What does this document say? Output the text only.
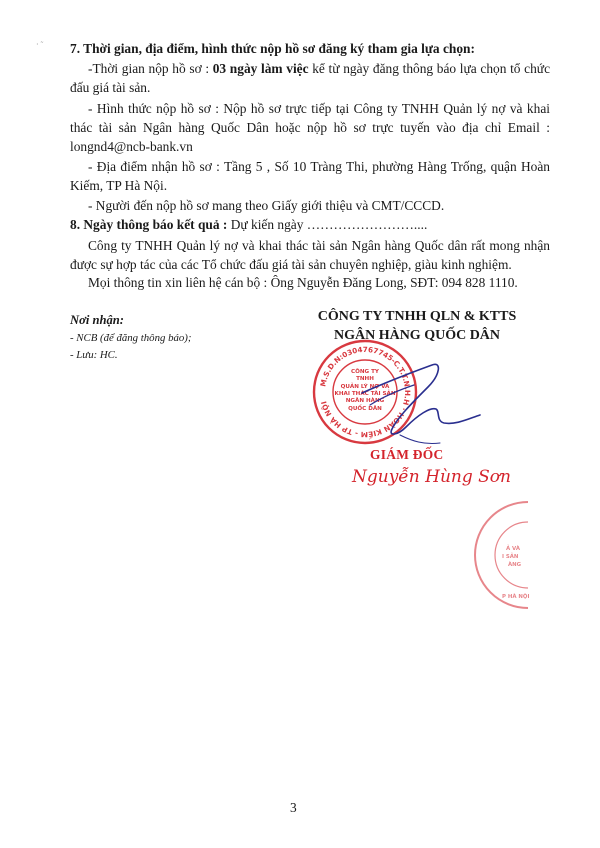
· ˜ 7. Thời gian, địa điểm, hình thức nộp hồ sơ đăng ký tham gia lựa chọn:
-Thời gian nộp hồ sơ : 03 ngày làm việc kể từ ngày đăng thông báo lựa chọn tổ chức đấu giá tài sản.
- Hình thức nộp hồ sơ : Nộp hồ sơ trực tiếp tại Công ty TNHH Quản lý nợ và khai thác tài sản Ngân hàng Quốc Dân hoặc nộp hồ sơ trực tuyến vào địa chỉ Email : longnd4@ncb-bank.vn
- Địa điểm nhận hồ sơ : Tầng 5 , Số 10 Tràng Thi, phường Hàng Trống, quận Hoàn Kiếm, TP Hà Nội.
- Người đến nộp hồ sơ mang theo Giấy giới thiệu và CMT/CCCD.
8. Ngày thông báo kết quả : Dự kiến ngày ……………………....
Công ty TNHH Quản lý nợ và khai thác tài sản Ngân hàng Quốc dân rất mong nhận được sự hợp tác của các Tổ chức đấu giá tài sản chuyên nghiệp, giàu kinh nghiệm.
Mọi thông tin xin liên hệ cán bộ : Ông Nguyễn Đăng Long, SĐT: 094 828 1110.
Nơi nhận:
- NCB (để đăng thông báo);
- Lưu: HC.
CÔNG TY TNHH QLN & KTTS
NGÂN HÀNG QUỐC DÂN
M.S.D.N:0304767745-C.T.T.N.H.H · HOÀN KIẾM - TP HÀ NỘI
CÔNG TY
TNHH
QUẢN LÝ NỢ VÀ
KHAI THÁC TÀI SẢN
NGÂN HÀNG
QUỐC DÂN
GIÁM ĐỐC
Nguyễn Hùng Sơn
Ả VÀ
I SẢN
ÀNG
P HÀ NỘI
3
